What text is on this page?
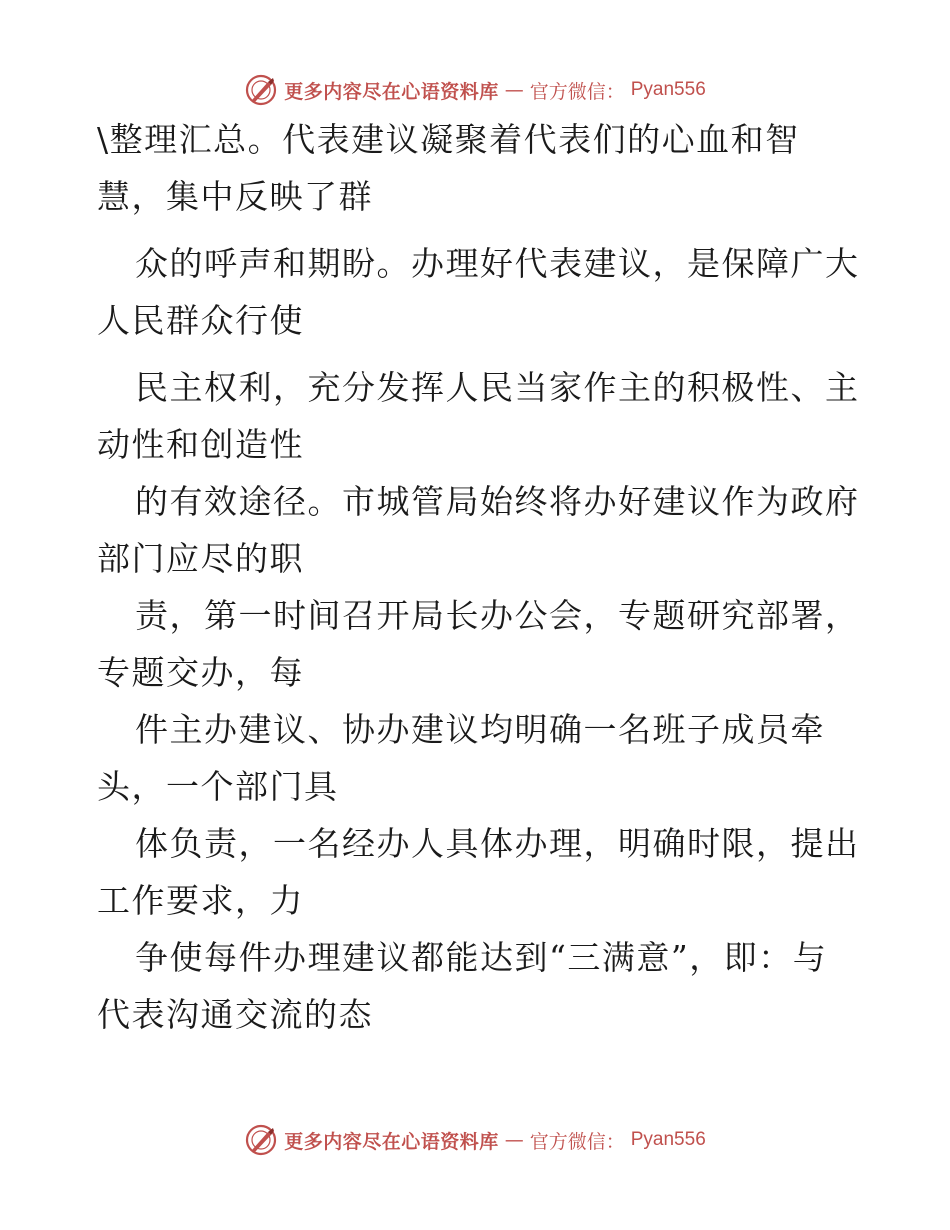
更多内容尽在心语资料库 — 官方微信： Pyan556
\整理汇总。代表建议凝聚着代表们的心血和智
慧，集中反映了群
众的呼声和期盼。办理好代表建议，是保障广大
人民群众行使
民主权利，充分发挥人民当家作主的积极性、主
动性和创造性
的有效途径。市城管局始终将办好建议作为政府
部门应尽的职
责，第一时间召开局长办公会，专题研究部署，
专题交办，每
件主办建议、协办建议均明确一名班子成员牵
头，一个部门具
体负责，一名经办人具体办理，明确时限，提出
工作要求，力
争使每件办理建议都能达到“三满意”，即：与
代表沟通交流的态
更多内容尽在心语资料库 — 官方微信： Pyan556
